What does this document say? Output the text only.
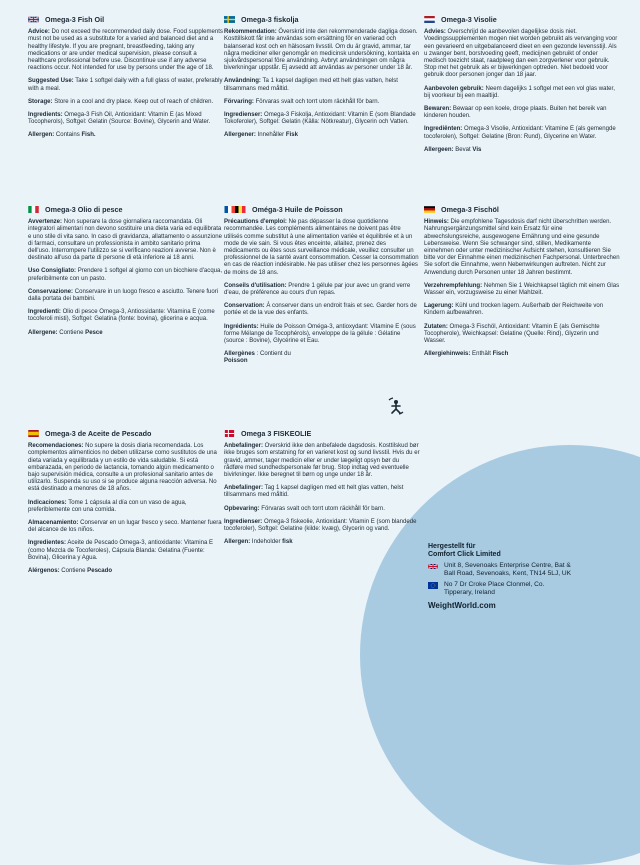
Omega-3 Fish Oil

Advice: Do not exceed the recommended daily dose. Food supplements must not be used as a substitute for a varied and balanced diet and a healthy lifestyle. If you are pregnant, breastfeeding, taking any medications or are under medical supervision, please consult a healthcare professional before use. Discontinue use if any adverse reactions occur. Not intended for use by persons under the age of 18.

Suggested Use: Take 1 softgel daily with a full glass of water, preferably with a meal.

Storage: Store in a cool and dry place. Keep out of reach of children.

Ingredients: Omega-3 Fish Oil, Antioxidant: Vitamin E (as Mixed Tocopherols), Softgel: Gelatin (Source: Bovine), Glycerin and Water.

Allergen: Contains Fish.

Omega-3 fiskolja

Rekommendation: Överskrid inte den rekommenderade dagliga dosen. Kosttillskott får inte användas som ersättning för en varierad och balanserad kost och en hälsosam livsstil. Om du är gravid, ammar, tar några mediciner eller genomgår en medicinsk undersökning, kontakta en sjukvårdspersonal före användning. Avbryt användningen om några biverkningar uppstår. Ej avsedd att användas av personer under 18 år.

Användning: Ta 1 kapsel dagligen med ett helt glas vatten, helst tillsammans med måltid.

Förvaring: Förvaras svalt och torrt utom räckhåll för barn.

Ingredienser: Omega-3 Fiskolja, Antioxidant: Vitamin E (som Blandade Tokoferoler), Softgel: Gelatin (Källa: Nötkreatur), Glycerin och Vatten.

Allergener: Innehåller Fisk

Omega-3 Visolie

Advies: Overschrijd de aanbevolen dagelijkse dosis niet. Voedingssupplementen mogen niet worden gebruikt als vervanging voor een gevarieerd en uitgebalanceerd dieet en een gezonde levensstijl. Als u zwanger bent, borstvoeding geeft, medicijnen gebruikt of onder medisch toezicht staat, raadpleeg dan een zorgverlener voor gebruik. Stop met het gebruik als er bijwerkingen optreden. Niet bedoeld voor gebruik door personen jonger dan 18 jaar.

Aanbevolen gebruik: Neem dagelijks 1 softgel met een vol glas water, bij voorkeur bij een maaltijd.

Bewaren: Bewaar op een koele, droge plaats. Buiten het bereik van kinderen houden.

Ingrediënten: Omega-3 Visolie, Antioxidant: Vitamine E (als gemengde tocoferolen), Softgel: Gelatine (Bron: Rund), Glycerine en Water.

Allergeen: Bevat Vis

Omega-3 Olio di pesce

Avvertenze: Non superare la dose giornaliera raccomandata. Gli integratori alimentari non devono sostituire una dieta varia ed equilibrata e uno stile di vita sano. In caso di gravidanza, allattamento o assunzione di farmaci, consultare un professionista in ambito sanitario prima dell'uso. Interrompere l'utilizzo se si verificano reazioni avverse. Non è destinato all'uso da parte di persone di età inferiore ai 18 anni.

Uso Consigliato: Prendere 1 softgel al giorno con un bicchiere d'acqua, preferibilmente con un pasto.

Conservazione: Conservare in un luogo fresco e asciutto. Tenere fuori dalla portata dei bambini.

Ingredienti: Olio di pesce Omega-3, Antiossidante: Vitamina E (come tocoferoli misti), Softgel: Gelatina (fonte: bovina), glicerina e acqua.

Allergene: Contiene Pesce

Oméga-3 Huile de Poisson

Précautions d'emploi: Ne pas dépasser la dose quotidienne recommandée. Les compléments alimentaires ne doivent pas être utilisés comme substitut à une alimentation variée et équilibrée et à un mode de vie sain. Si vous êtes enceinte, allaitez, prenez des médicaments ou êtes sous surveillance médicale, veuillez consulter un professionnel de la santé avant consommation. Cesser la consommation en cas de réaction indésirable. Ne pas utiliser chez les personnes âgées de moins de 18 ans.

Conseils d'utilisation: Prendre 1 gélule par jour avec un grand verre d'eau, de préférence au cours d'un repas.

Conservation: À conserver dans un endroit frais et sec. Garder hors de portée et de la vue des enfants.

Ingrédients: Huile de Poisson Oméga-3, antioxydant: Vitamine E (sous forme Mélange de Tocophérols), enveloppe de la gélule : Gélatine (source : Bovine), Glycérine et Eau.

Allergènes : Contient du
Poisson

Omega-3 Fischöl

Hinweis: Die empfohlene Tagesdosis darf nicht überschritten werden. Nahrungsergänzungsmittel sind kein Ersatz für eine abwechslungsreiche, ausgewogene Ernährung und eine gesunde Lebensweise. Wenn Sie schwanger sind, stillen, Medikamente einnehmen oder unter medizinischer Aufsicht stehen, konsultieren Sie bitte vor der Einnahme einen medizinischen Fachpersonal. Unterbrechen Sie sofort die Einnahme, wenn Nebenwirkungen auftreten. Nicht zur Anwendung durch Personen unter 18 Jahren bestimmt.

Verzehrempfehlung: Nehmen Sie 1 Weichkapsel täglich mit einem Glas Wasser ein, vorzugsweise zu einer Mahlzeit.

Lagerung: Kühl und trocken lagern. Außerhalb der Reichweite von Kindern aufbewahren.

Zutaten: Omega-3 Fischöl, Antioxidant: Vitamin E (als Gemischte Tocopherole), Weichkapsel: Gelatine (Quelle: Rind), Glyzerin und Wasser.

Allergiehinweis: Enthält Fisch

Omega-3 de Aceite de Pescado

Recomendaciones: No supere la dosis diaria recomendada. Los complementos alimenticios no deben utilizarse como sustitutos de una dieta variada y equilibrada y un estilo de vida saludable. Si está embarazada, en periodo de lactancia, tomando algún medicamento o bajo supervisión médica, consulte a un profesional sanitario antes de utilizarlo. Suspenda su uso si se produce alguna reacción adversa. No está destinado a menores de 18 años.

Indicaciones: Tome 1 cápsula al día con un vaso de agua, preferiblemente con una comida.

Almacenamiento: Conservar en un lugar fresco y seco. Mantener fuera del alcance de los niños.

Ingredientes: Aceite de Pescado Omega-3, antioxidante: Vitamina E (como Mezcla de Tocoferoles), Cápsula Blanda: Gelatina (Fuente: Bovina), Glicerina y Agua.

Alérgenos: Contiene Pescado

Omega 3 FISKEOLIE

Anbefalinger: Overskrid ikke den anbefalede dagsdosis. Kosttilskud bør ikke bruges som erstatning for en varieret kost og sund livsstil. Hvis du er gravid, ammer, tager medicin eller er under lægeligt opsyn bør du rådføre med sundhedspersonale før brug. Stop indtag ved eventuelle bivirkninger. Ikke beregnet til børn og unge under 18 år.

Anbefalinger: Tag 1 kapsel dagligen med ett helt glas vatten, helst tillsammans med måltid.

Opbevaring: Förvaras svalt och torrt utom räckhåll för barn.

Ingredienser: Omega-3 fiskeolie, Antioxidant: Vitamin E (som blandede tocoferoler), Softgel: Gelatine (kilde: kvæg), Glycerin og vand.

Allergen: Indeholder fisk

Hergestellt für
Comfort Click Limited
Unit 8, Sevenoaks Enterprise Centre, Bat & Ball Road, Sevenoaks, Kent, TN14 5LJ, UK
No 7 Dr Croke Place Clonmel, Co. Tipperary, Ireland
WeightWorld.com
